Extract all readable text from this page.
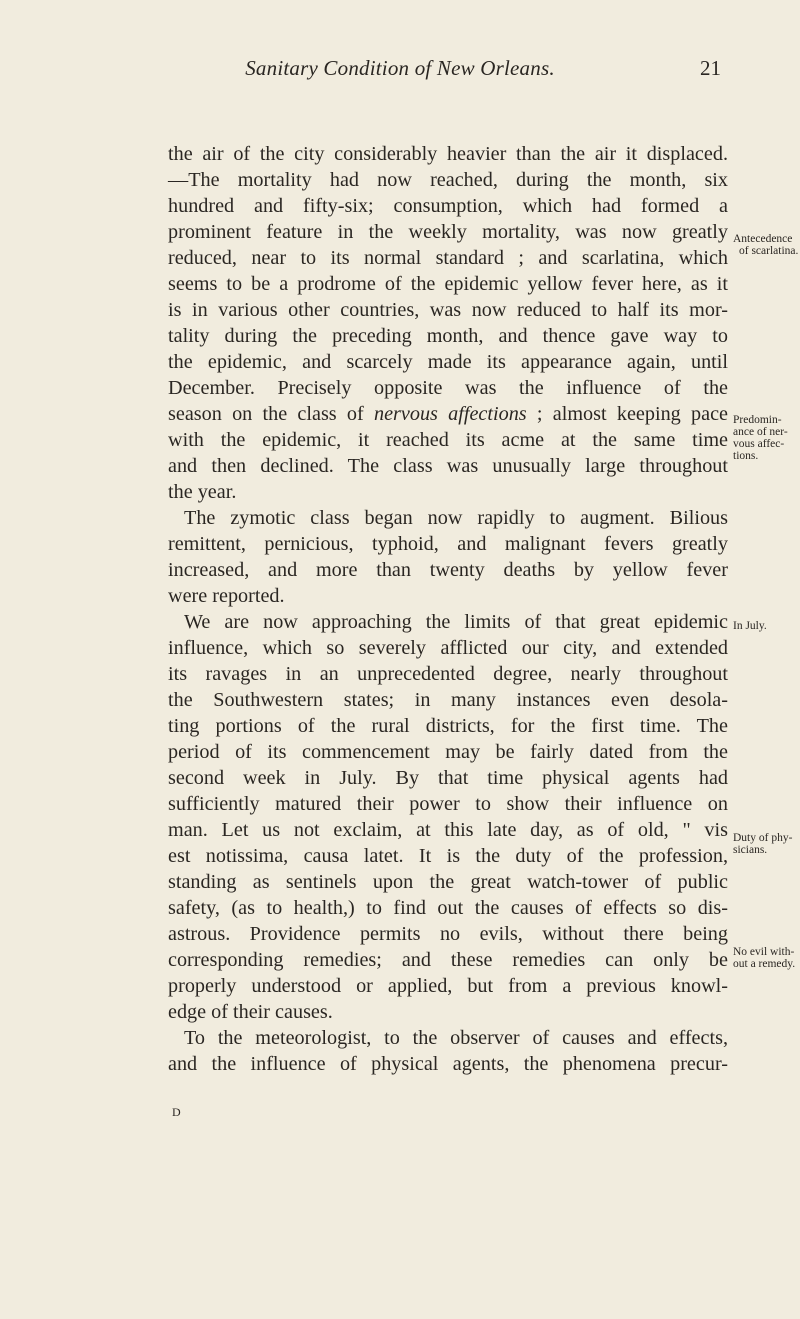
Sanitary Condition of New Orleans.	21
the air of the city considerably heavier than the air it displaced.
—The mortality had now reached, during the month, six
hundred and fifty-six; consumption, which had formed a
prominent feature in the weekly mortality, was now greatly
reduced, near to its normal standard ; and scarlatina, which
seems to be a prodrome of the epidemic yellow fever here, as it
is in various other countries, was now reduced to half its mor-
tality during the preceding month, and thence gave way to
the epidemic, and scarcely made its appearance again, until
December. Precisely opposite was the influence of the
season on the class of nervous affections ; almost keeping pace
with the epidemic, it reached its acme at the same time
and then declined. The class was unusually large throughout
the year.
The zymotic class began now rapidly to augment. Bilious
remittent, pernicious, typhoid, and malignant fevers greatly
increased, and more than twenty deaths by yellow fever
were reported.
We are now approaching the limits of that great epidemic
influence, which so severely afflicted our city, and extended
its ravages in an unprecedented degree, nearly throughout
the Southwestern states; in many instances even desola-
ting portions of the rural districts, for the first time. The
period of its commencement may be fairly dated from the
second week in July. By that time physical agents had
sufficiently matured their power to show their influence on
man. Let us not exclaim, at this late day, as of old, " vis
est notissima, causa latet. It is the duty of the profession,
standing as sentinels upon the great watch-tower of public
safety, (as to health,) to find out the causes of effects so dis-
astrous. Providence permits no evils, without there being
corresponding remedies; and these remedies can only be
properly understood or applied, but from a previous knowl-
edge of their causes.
To the meteorologist, to the observer of causes and effects,
and the influence of physical agents, the phenomena precur-
Antecedence
of scarlatina.
Predomin-
ance of ner-
vous affec-
tions.
In July.
Duty of phy-
sicians.
No evil with-
out a remedy.
D
